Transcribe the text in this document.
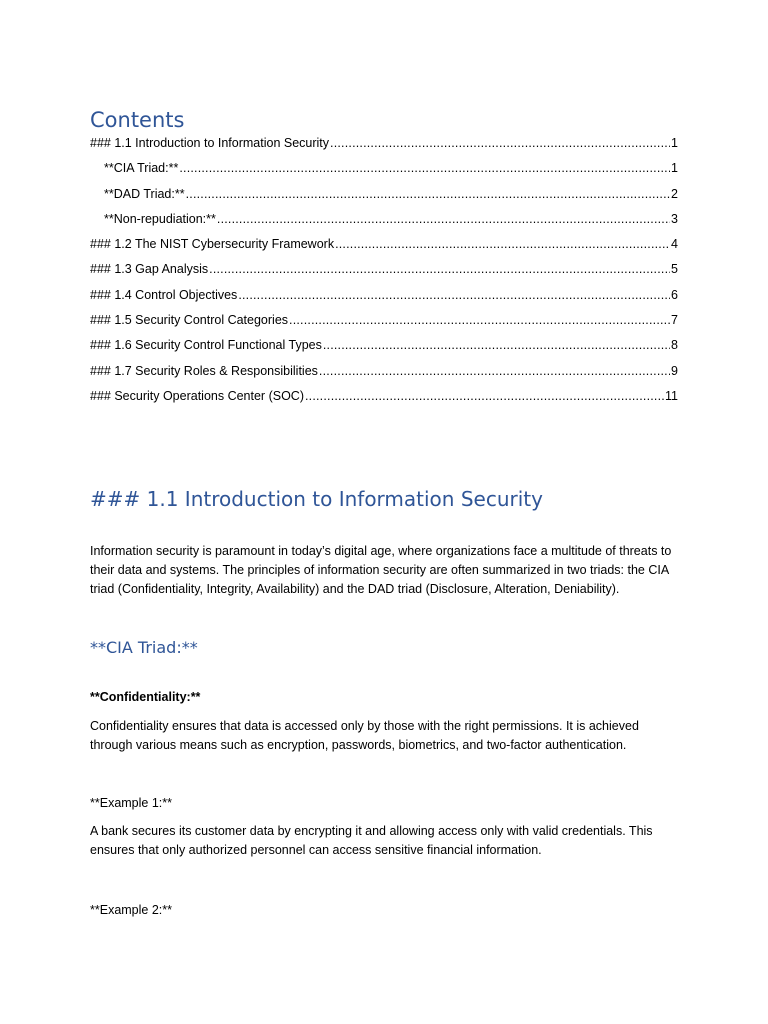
Contents
### 1.1 Introduction to Information Security .....	1
**CIA Triad:** .....	1
**DAD Triad:** .....	2
**Non-repudiation:** .....	3
### 1.2 The NIST Cybersecurity Framework .....	4
### 1.3 Gap Analysis .....	5
### 1.4 Control Objectives .....	6
### 1.5 Security Control Categories .....	7
### 1.6 Security Control Functional Types .....	8
### 1.7 Security Roles & Responsibilities .....	9
### Security Operations Center (SOC) .....	11
### 1.1 Introduction to Information Security

Information security is paramount in today’s digital age, where organizations face a multitude of threats to their data and systems. The principles of information security are often summarized in two triads: the CIA triad (Confidentiality, Integrity, Availability) and the DAD triad (Disclosure, Alteration, Deniability).

**CIA Triad:**

**Confidentiality:**

Confidentiality ensures that data is accessed only by those with the right permissions. It is achieved through various means such as encryption, passwords, biometrics, and two-factor authentication.

**Example 1:**

A bank secures its customer data by encrypting it and allowing access only with valid credentials. This ensures that only authorized personnel can access sensitive financial information.

**Example 2:**
